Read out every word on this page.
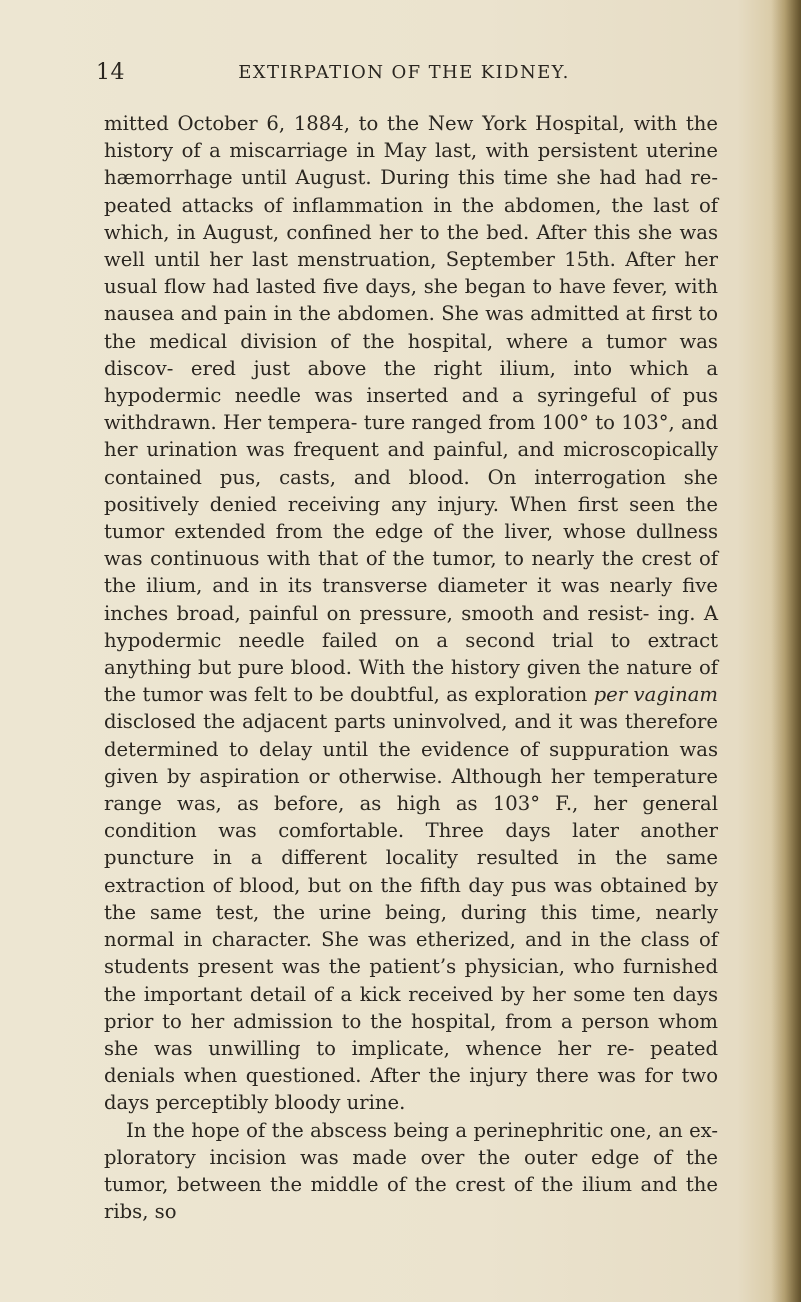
14	EXTIRPATION OF THE KIDNEY.

mitted October 6, 1884, to the New York Hospital, with the history of a miscarriage in May last, with persistent uterine hæmorrhage until August. During this time she had had re- peated attacks of inflammation in the abdomen, the last of which, in August, confined her to the bed. After this she was well until her last menstruation, September 15th. After her usual flow had lasted five days, she began to have fever, with nausea and pain in the abdomen. She was admitted at first to the medical division of the hospital, where a tumor was discov- ered just above the right ilium, into which a hypodermic needle was inserted and a syringeful of pus withdrawn. Her tempera- ture ranged from 100° to 103°, and her urination was frequent and painful, and microscopically contained pus, casts, and blood. On interrogation she positively denied receiving any injury. When first seen the tumor extended from the edge of the liver, whose dullness was continuous with that of the tumor, to nearly the crest of the ilium, and in its transverse diameter it was nearly five inches broad, painful on pressure, smooth and resist- ing. A hypodermic needle failed on a second trial to extract anything but pure blood. With the history given the nature of the tumor was felt to be doubtful, as exploration per vaginam disclosed the adjacent parts uninvolved, and it was therefore determined to delay until the evidence of suppuration was given by aspiration or otherwise. Although her temperature range was, as before, as high as 103° F., her general condition was comfortable. Three days later another puncture in a different locality resulted in the same extraction of blood, but on the fifth day pus was obtained by the same test, the urine being, during this time, nearly normal in character. She was etherized, and in the class of students present was the patient’s physician, who furnished the important detail of a kick received by her some ten days prior to her admission to the hospital, from a person whom she was unwilling to implicate, whence her re- peated denials when questioned. After the injury there was for two days perceptibly bloody urine.

In the hope of the abscess being a perinephritic one, an ex- ploratory incision was made over the outer edge of the tumor, between the middle of the crest of the ilium and the ribs, so
